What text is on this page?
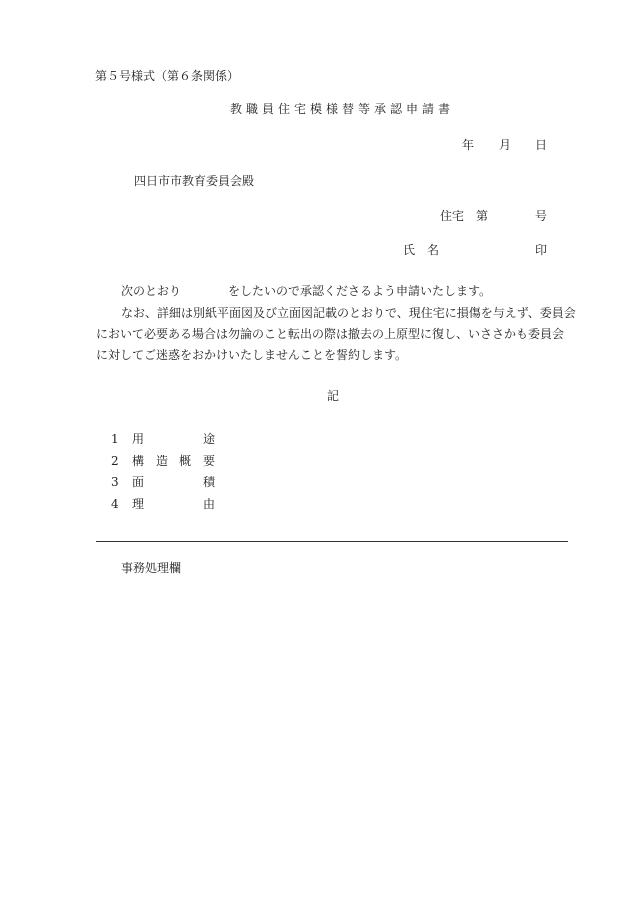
第５号様式（第６条関係）
教職員住宅模様替等承認申請書
年 月 日
四日市市教育委員会殿
住宅 第	号
氏 名	印
次のとおり	をしたいので承認くださるよう申請いたします。
なお、詳細は別紙平面図及び立面図記載のとおりで、現住宅に損傷を与えず、委員会
において必要ある場合は勿論のこと転出の際は撤去の上原型に復し、いささかも委員会
に対してご迷惑をおかけいたしませんことを誓約します。
記
1 用	途
2 構 造 概 要
3 面	積
4 理	由
事務処理欄
